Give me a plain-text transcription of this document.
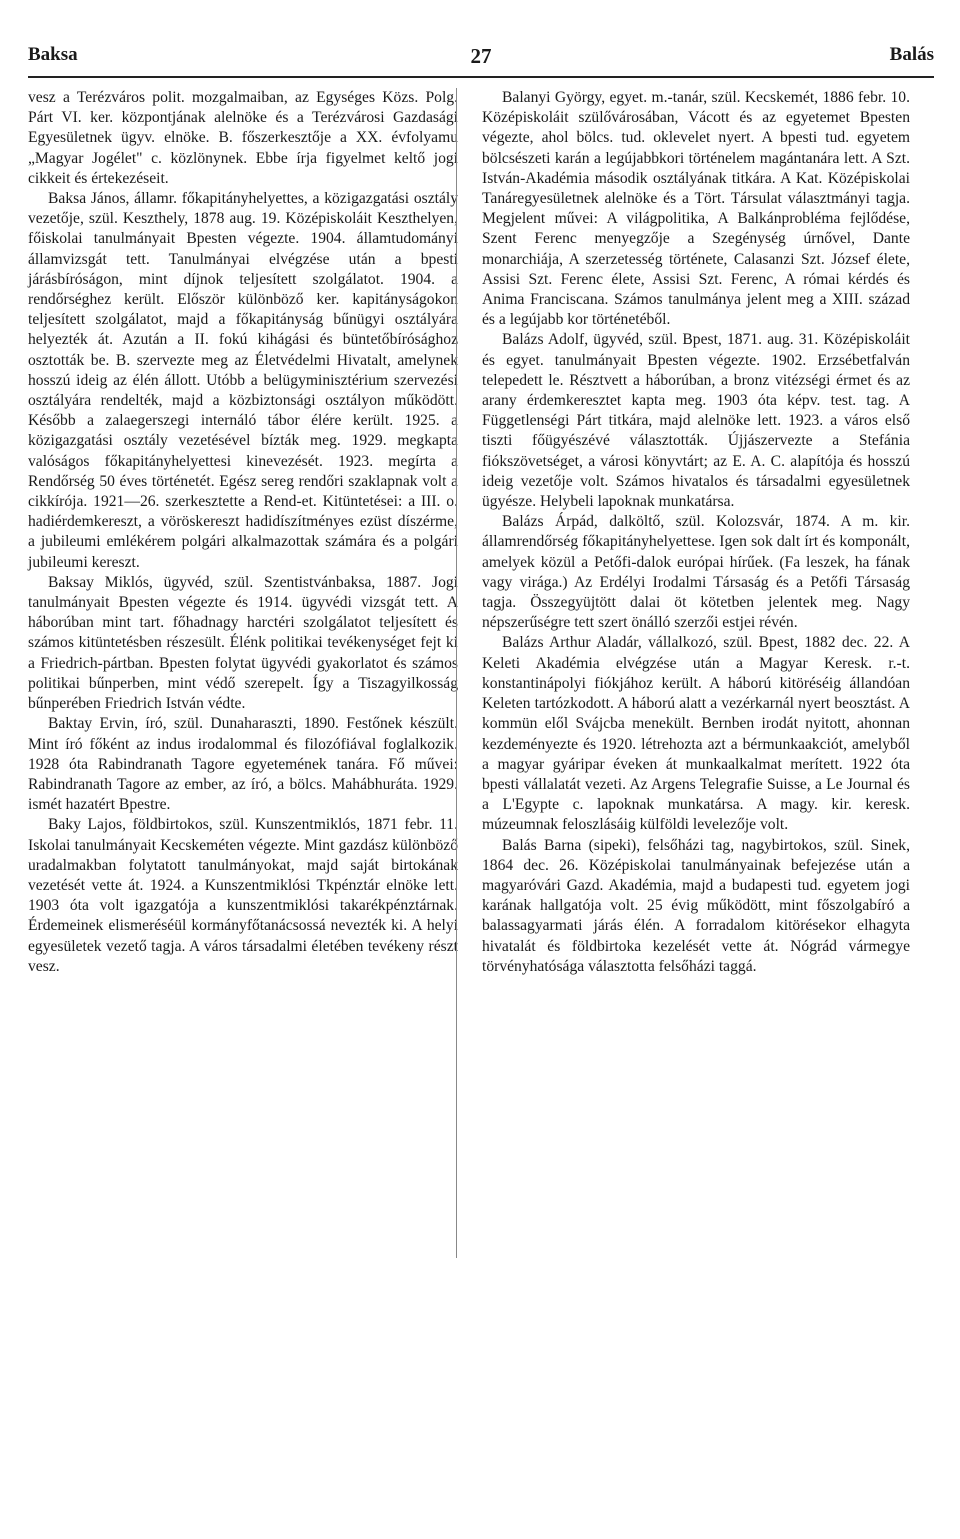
Baksa	27	Balás

vesz a Terézváros polit. mozgalmaiban, az Egységes Közs. Polg. Párt VI. ker. központjának alelnöke és a Terézvárosi Gazdasági Egyesületnek ügyv. elnöke. B. főszerkesztője a XX. évfolyamu „Magyar Jogélet" c. közlönynek. Ebbe írja figyelmet keltő jogi cikkeit és értekezéseit.

Baksa János, államr. főkapitányhelyettes, a közigazgatási osztály vezetője, szül. Keszthely, 1878 aug. 19. Középiskoláit Keszthelyen, főiskolai tanulmányait Bpesten végezte. 1904. államtudományi államvizsgát tett. Tanulmányai elvégzése után a bpesti járásbíróságon, mint díjnok teljesített szolgálatot. 1904. a rendőrséghez került. Először különböző ker. kapitányságokon teljesített szolgálatot, majd a főkapitányság bűnügyi osztályára helyezték át. Azután a II. fokú kihágási és büntetőbírósághoz osztották be. B. szervezte meg az Életvédelmi Hivatalt, amelynek hosszú ideig az élén állott. Utóbb a belügyminisztérium szervezési osztályára rendelték, majd a közbiztonsági osztályon működött. Később a zalaegerszegi internáló tábor élére került. 1925. a közigazgatási osztály vezetésével bízták meg. 1929. megkapta valóságos főkapitányhelyettesi kinevezését. 1923. megírta a Rendőrség 50 éves történetét. Egész sereg rendőri szaklapnak volt a cikkírója. 1921—26. szerkesztette a Rend-et. Kitüntetései: a III. o. hadiérdemkereszt, a vöröskereszt hadidíszítményes ezüst díszérme, a jubileumi emlékérem polgári alkalmazottak számára és a polgári jubileumi kereszt.

Baksay Miklós, ügyvéd, szül. Szentistvánbaksa, 1887. Jogi tanulmányait Bpesten végezte és 1914. ügyvédi vizsgát tett. A háborúban mint tart. főhadnagy harctéri szolgálatot teljesített és számos kitüntetésben részesült. Élénk politikai tevékenységet fejt ki a Friedrich-pártban. Bpesten folytat ügyvédi gyakorlatot és számos politikai bűnperben, mint védő szerepelt. Így a Tiszagyilkosság bűnperében Friedrich István védte.

Baktay Ervin, író, szül. Dunaharaszti, 1890. Festőnek készült. Mint író főként az indus irodalommal és filozófiával foglalkozik. 1928 óta Rabindranath Tagore egyetemének tanára. Fő művei: Rabindranath Tagore az ember, az író, a bölcs. Mahábhuráta. 1929. ismét hazatért Bpestre.

Baky Lajos, földbirtokos, szül. Kunszentmiklós, 1871 febr. 11. Iskolai tanulmányait Kecskeméten végezte. Mint gazdász különböző uradalmakban folytatott tanulmányokat, majd saját birtokának vezetését vette át. 1924. a Kunszentmiklósi Tkpénztár elnöke lett. 1903 óta volt igazgatója a kunszentmiklósi takarékpénztárnak. Érdemeinek elismeréséül kormányfőtanácsossá nevezték ki. A helyi egyesületek vezető tagja. A város társadalmi életében tevékeny részt vesz.

Balanyi György, egyet. m.-tanár, szül. Kecskemét, 1886 febr. 10. Középiskoláit szülővárosában, Vácott és az egyetemet Bpesten végezte, ahol bölcs. tud. oklevelet nyert. A bpesti tud. egyetem bölcsészeti karán a legújabbkori történelem magántanára lett. A Szt. István-Akadémia második osztályának titkára. A Kat. Középiskolai Tanáregyesületnek alelnöke és a Tört. Társulat választmányi tagja. Megjelent művei: A világpolitika, A Balkánprobléma fejlődése, Szent Ferenc menyegzője a Szegénység úrnővel, Dante monarchiája, A szerzetesség története, Calasanzi Szt. József élete, Assisi Szt. Ferenc élete, Assisi Szt. Ferenc, A római kérdés és Anima Franciscana. Számos tanulmánya jelent meg a XIII. század és a legújabb kor történetéből.

Balázs Adolf, ügyvéd, szül. Bpest, 1871. aug. 31. Középiskoláit és egyet. tanulmányait Bpesten végezte. 1902. Erzsébetfalván telepedett le. Résztvett a háborúban, a bronz vitézségi érmet és az arany érdemkeresztet kapta meg. 1903 óta képv. test. tag. A Függetlenségi Párt titkára, majd alelnöke lett. 1923. a város első tiszti főügyészévé választották. Újjászervezte a Stefánia fiókszövetséget, a városi könyvtárt; az E. A. C. alapítója és hosszú ideig vezetője volt. Számos hivatalos és társadalmi egyesületnek ügyésze. Helybeli lapoknak munkatársa.

Balázs Árpád, dalköltő, szül. Kolozsvár, 1874. A m. kir. államrendőrség főkapitányhelyettese. Igen sok dalt írt és komponált, amelyek közül a Petőfi-dalok európai hírűek. (Fa leszek, ha fának vagy virága.) Az Erdélyi Irodalmi Társaság és a Petőfi Társaság tagja. Összegyüjtött dalai öt kötetben jelentek meg. Nagy népszerűségre tett szert önálló szerzői estjei révén.

Balázs Arthur Aladár, vállalkozó, szül. Bpest, 1882 dec. 22. A Keleti Akadémia elvégzése után a Magyar Keresk. r.-t. konstantinápolyi fiókjához került. A háború kitöréséig állandóan Keleten tartózkodott. A háború alatt a vezérkarnál nyert beosztást. A kommün elől Svájcba menekült. Bernben irodát nyitott, ahonnan kezdeményezte és 1920. létrehozta azt a bérmunkaakciót, amelyből a magyar gyáripar éveken át munkaalkalmat merített. 1922 óta bpesti vállalatát vezeti. Az Argens Telegrafie Suisse, a Le Journal és a L'Egypte c. lapoknak munkatársa. A magy. kir. keresk. múzeumnak feloszlásáig külföldi levelezője volt.

Balás Barna (sipeki), felsőházi tag, nagybirtokos, szül. Sinek, 1864 dec. 26. Középiskolai tanulmányainak befejezése után a magyaróvári Gazd. Akadémia, majd a budapesti tud. egyetem jogi karának hallgatója volt. 25 évig működött, mint főszolgabíró a balassagyarmati járás élén. A forradalom kitörésekor elhagyta hivatalát és földbirtoka kezelését vette át. Nógrád vármegye törvényhatósága választotta felsőházi taggá.
